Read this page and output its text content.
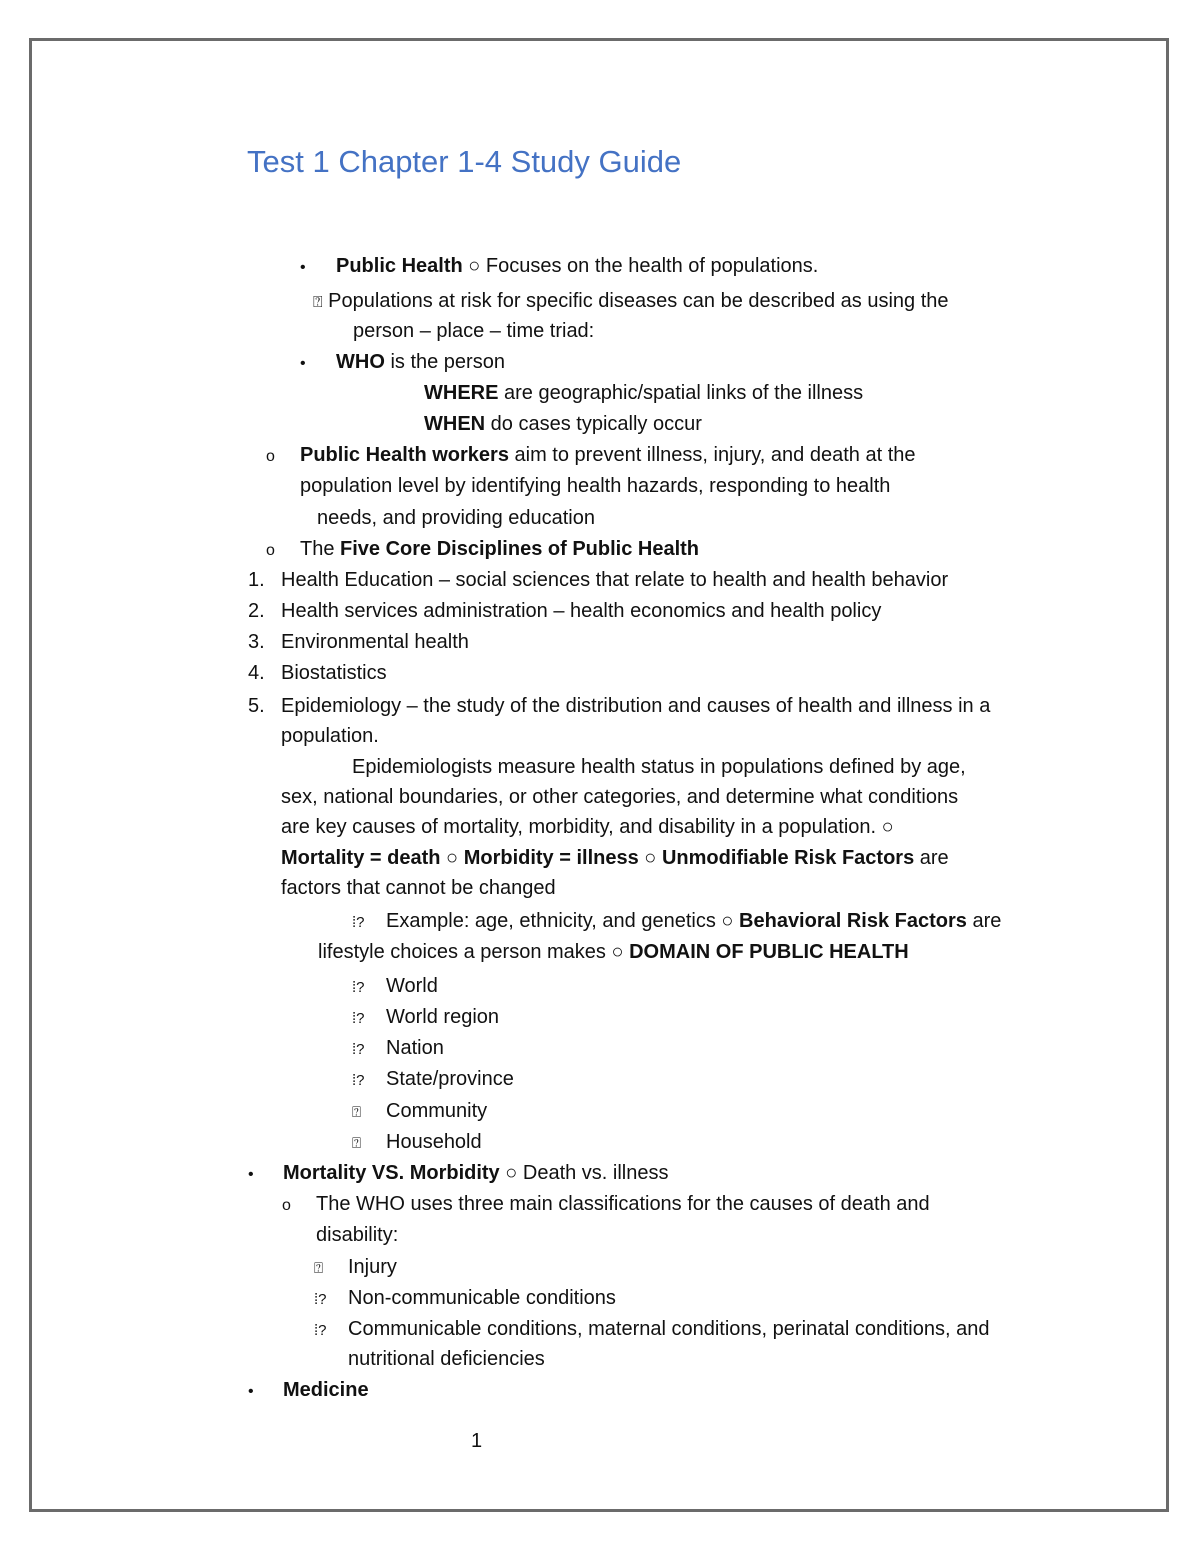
Test 1 Chapter 1-4 Study Guide
• Public Health ○ Focuses on the health of populations.
⍰ Populations at risk for specific diseases can be described as using the
person – place – time triad:
• WHO is the person
WHERE are geographic/spatial links of the illness
WHEN do cases typically occur
o Public Health workers aim to prevent illness, injury, and death at the
population level by identifying health hazards, responding to health
needs, and providing education
o The Five Core Disciplines of Public Health
1. Health Education – social sciences that relate to health and health behavior
2. Health services administration – health economics and health policy
3. Environmental health
4. Biostatistics
5. Epidemiology – the study of the distribution and causes of health and illness in a
population.
Epidemiologists measure health status in populations defined by age,
sex, national boundaries, or other categories, and determine what conditions
are key causes of mortality, morbidity, and disability in a population. ○
Mortality = death ○ Morbidity = illness ○ Unmodifiable Risk Factors are
factors that cannot be changed
⁞? Example: age, ethnicity, and genetics ○ Behavioral Risk Factors are
lifestyle choices a person makes ○ DOMAIN OF PUBLIC HEALTH
⁞? World
⁞? World region
⁞? Nation
⁞? State/province
⍰ Community
⍰ Household
• Mortality VS. Morbidity ○ Death vs. illness
o The WHO uses three main classifications for the causes of death and
disability:
⍰ Injury
⁞? Non-communicable conditions
⁞? Communicable conditions, maternal conditions, perinatal conditions, and
nutritional deficiencies
• Medicine
1
